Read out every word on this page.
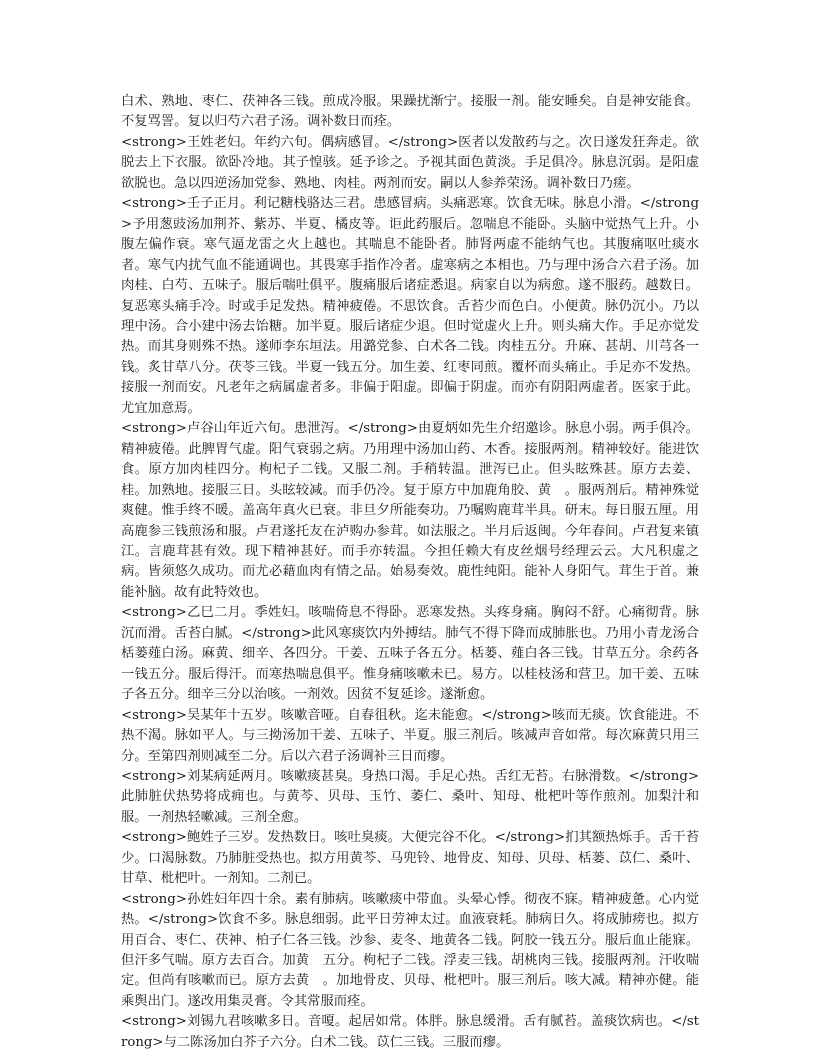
白术、熟地、枣仁、茯神各三钱。煎成冷服。果躁扰渐宁。接服一剂。能安睡矣。自是神安能食。不复骂詈。复以归芍六君子汤。调补数日而痊。

<strong>王姓老妇。年约六旬。偶病感冒。</strong>医者以发散药与之。次日遂发狂奔走。欲脱去上下衣服。欲卧冷地。其子惶骇。延予诊之。予视其面色黄淡。手足俱冷。脉息沉弱。是阳虚欲脱也。急以四逆汤加党参、熟地、肉桂。两剂而安。嗣以人参养荣汤。调补数日乃瘥。

<strong>壬子正月。利记糖栈骆达三君。患感冒病。头痛恶寒。饮食无味。脉息小滑。</strong>予用葱豉汤加荆芥、紫苏、半夏、橘皮等。讵此药服后。忽喘息不能卧。头脑中觉热气上升。小腹左偏作衰。寒气逼龙雷之火上越也。其喘息不能卧者。肺肾两虚不能纳气也。其腹痛呕吐痰水者。寒气内扰气血不能通调也。其畏寒手指作冷者。虚寒病之本相也。乃与理中汤合六君子汤。加肉桂、白芍、五味子。服后喘吐俱平。腹痛服后诸症悉退。病家自以为病愈。遂不服药。越数日。复恶寒头痛手冷。时或手足发热。精神疲倦。不思饮食。舌苔少而色白。小便黄。脉仍沉小。乃以理中汤。合小建中汤去饴糖。加半夏。服后诸症少退。但时觉虚火上升。则头痛大作。手足亦觉发热。而其身则殊不热。遂师李东垣法。用潞党参、白术各二钱。肉桂五分。升麻、甚胡、川芎各一钱。炙甘草八分。茯苓三钱。半夏一钱五分。加生姜、红枣同煎。覆杯而头痛止。手足亦不发热。接服一剂而安。凡老年之病属虚者多。非偏于阳虚。即偏于阴虚。而亦有阴阳两虚者。医家于此。尤宜加意焉。

<strong>卢谷山年近六旬。患泄泻。</strong>由夏炳如先生介绍邀诊。脉息小弱。两手俱冷。精神疲倦。此脾胃气虚。阳气衰弱之病。乃用理中汤加山药、木香。接服两剂。精神较好。能进饮食。原方加肉桂四分。枸杞子二钱。又服二剂。手稍转温。泄泻已止。但头眩殊甚。原方去姜、桂。加熟地。接服三日。头眩较减。而手仍冷。复于原方中加鹿角胶、黄　。服两剂后。精神殊觉爽健。惟手终不暖。盖高年真火已衰。非旦夕所能奏功。乃嘱购鹿茸半具。研末。每日服五厘。用高鹿参三钱煎汤和服。卢君遂托友在泸购办参茸。如法服之。半月后返闽。今年春间。卢君复来镇江。言鹿茸甚有效。现下精神甚好。而手亦转温。今担任赖大有皮丝烟号经理云云。大凡积虚之病。皆须悠久成功。而尤必藉血肉有情之品。始易奏效。鹿性纯阳。能补人身阳气。茸生于首。兼能补脑。故有此特效也。

<strong>乙巳二月。季姓妇。咳喘倚息不得卧。恶寒发热。头疼身痛。胸闷不舒。心痛彻背。脉沉而滑。舌苔白腻。</strong>此风寒痰饮内外搏结。肺气不得下降而成肺胀也。乃用小青龙汤合栝蒌薤白汤。麻黄、细辛、各四分。干姜、五味子各五分。栝蒌、薤白各三钱。甘草五分。余药各一钱五分。服后得汗。而寒热喘息俱平。惟身痛咳嗽未已。易方。以桂枝汤和营卫。加干姜、五味子各五分。细辛三分以治咳。一剂效。因贫不复延诊。遂渐愈。

<strong>吴某年十五岁。咳嗽音哑。自春徂秋。迄未能愈。</strong>咳而无痰。饮食能进。不热不渴。脉如平人。与三拗汤加干姜、五味子、半夏。服三剂后。咳减声音如常。每次麻黄只用三分。至第四剂则减至二分。后以六君子汤调补三日而瘳。

<strong>刘某病延两月。咳嗽痰甚臭。身热口渴。手足心热。舌红无苔。右脉滑数。</strong>此肺脏伏热势将成痈也。与黄芩、贝母、玉竹、萎仁、桑叶、知母、枇杷叶等作煎剂。加梨汁和服。一剂热轻嗽减。三剂全愈。

<strong>鲍姓子三岁。发热数日。咳吐臭痰。大便完谷不化。</strong>扪其额热烁手。舌干苔少。口渴脉数。乃肺脏受热也。拟方用黄芩、马兜铃、地骨皮、知母、贝母、栝蒌、苡仁、桑叶、甘草、枇杷叶。一剂知。二剂已。

<strong>孙姓妇年四十余。素有肺病。咳嗽痰中带血。头晕心悸。彻夜不寐。精神疲惫。心内觉热。</strong>饮食不多。脉息细弱。此平日劳神太过。血液衰耗。肺病日久。将成肺痨也。拟方用百合、枣仁、茯神、柏子仁各三钱。沙参、麦冬、地黄各二钱。阿胶一钱五分。服后血止能寐。但汗多气喘。原方去百合。加黄　五分。枸杞子二钱。浮麦三钱。胡桃肉三钱。接服两剂。汗收喘定。但尚有咳嗽而已。原方去黄　。加地骨皮、贝母、枇杷叶。服三剂后。咳大减。精神亦健。能乘舆出门。遂改用集灵膏。令其常服而痊。

<strong>刘锡九君咳嗽多日。音嗄。起居如常。体胖。脉息缓滑。舌有腻苔。盖痰饮病也。</strong>与二陈汤加白芥子六分。白术二钱。苡仁三钱。三服而瘳。
